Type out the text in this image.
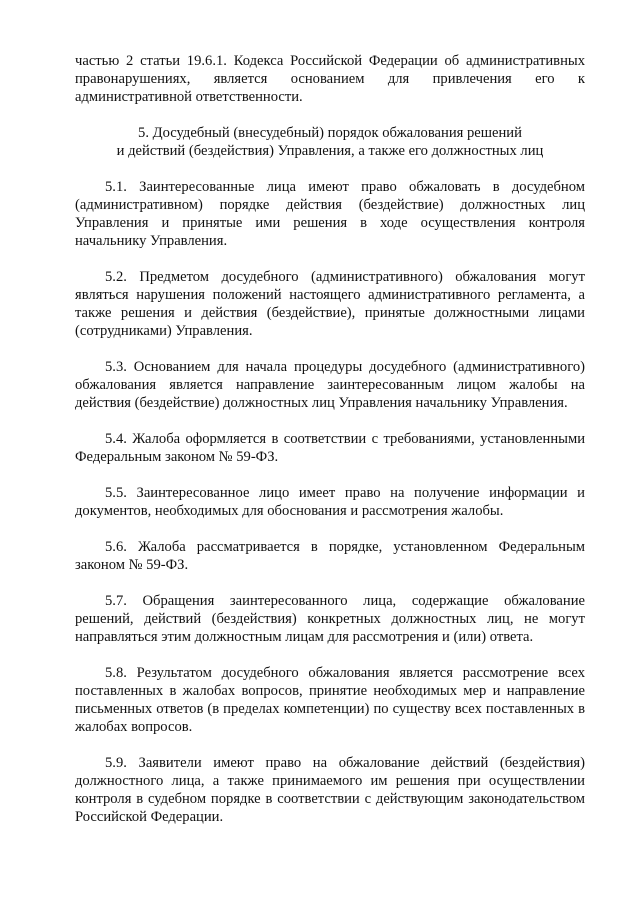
частью 2 статьи 19.6.1. Кодекса Российской Федерации об административных правонарушениях, является основанием для привлечения его к административной ответственности.

5. Досудебный (внесудебный) порядок обжалования решений
и действий (бездействия) Управления, а также его должностных лиц

5.1. Заинтересованные лица имеют право обжаловать в досудебном (административном) порядке действия (бездействие) должностных лиц Управления и принятые ими решения в ходе осуществления контроля начальнику Управления.

5.2. Предметом досудебного (административного) обжалования могут являться нарушения положений настоящего административного регламента, а также решения и действия (бездействие), принятые должностными лицами (сотрудниками) Управления.

5.3. Основанием для начала процедуры досудебного (административного) обжалования является направление заинтересованным лицом жалобы на действия (бездействие) должностных лиц Управления начальнику Управления.

5.4. Жалоба оформляется в соответствии с требованиями, установленными Федеральным законом № 59-ФЗ.

5.5. Заинтересованное лицо имеет право на получение информации и документов, необходимых для обоснования и рассмотрения жалобы.

5.6. Жалоба рассматривается в порядке, установленном Федеральным законом № 59-ФЗ.

5.7. Обращения заинтересованного лица, содержащие обжалование решений, действий (бездействия) конкретных должностных лиц, не могут направляться этим должностным лицам для рассмотрения и (или) ответа.

5.8. Результатом досудебного обжалования является рассмотрение всех поставленных в жалобах вопросов, принятие необходимых мер и направление письменных ответов (в пределах компетенции) по существу всех поставленных в жалобах вопросов.

5.9. Заявители имеют право на обжалование действий (бездействия) должностного лица, а также принимаемого им решения при осуществлении контроля в судебном порядке в соответствии с действующим законодательством Российской Федерации.
